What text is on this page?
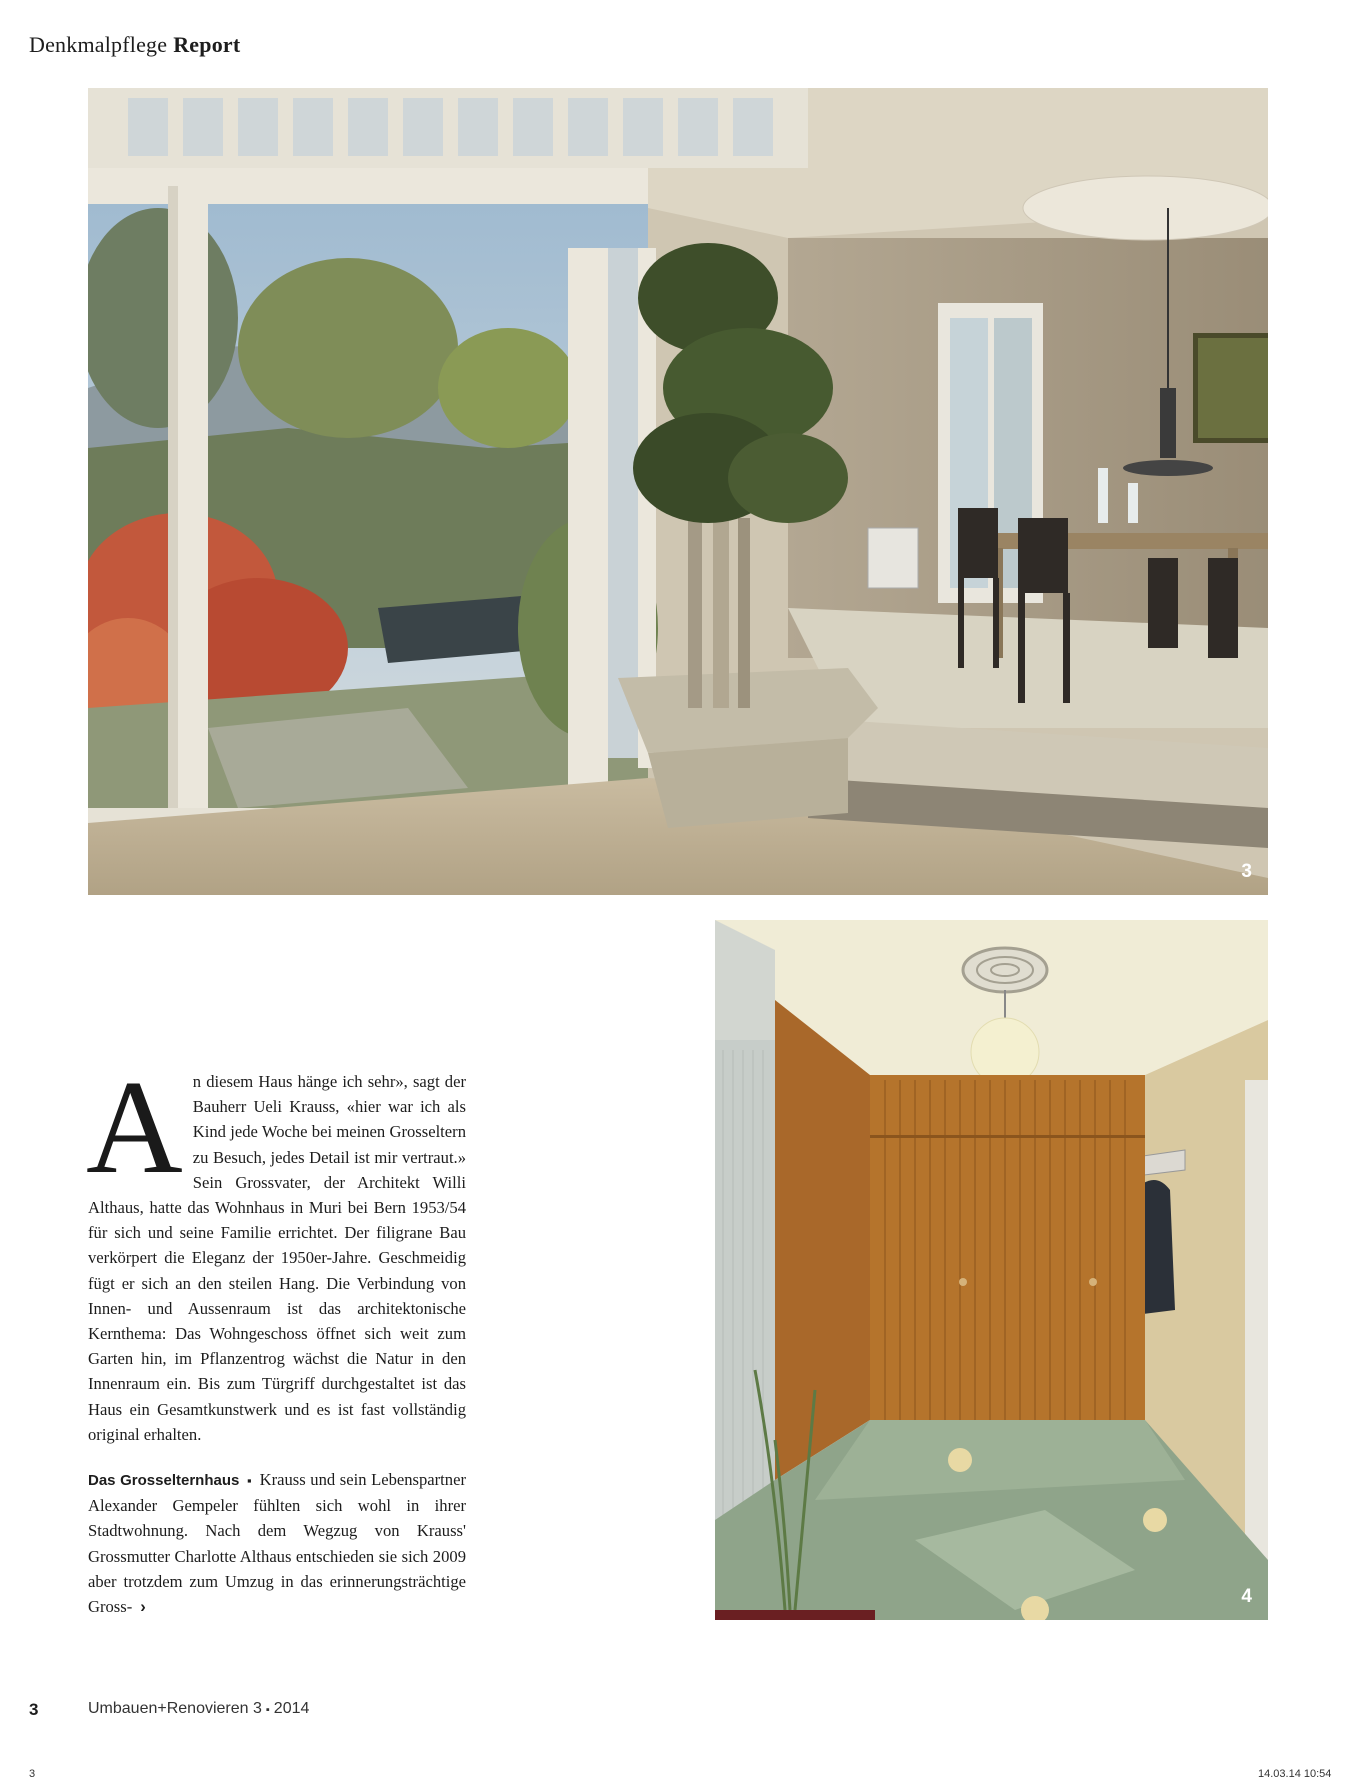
Denkmalpflege Report
3
4
A n diesem Haus hänge ich sehr», sagt der Bauherr Ueli Krauss, «hier war ich als Kind jede Woche bei meinen Grosseltern zu Besuch, jedes Detail ist mir vertraut.» Sein Grossvater, der Architekt Willi Althaus, hatte das Wohnhaus in Muri bei Bern 1953/54 für sich und seine Familie errichtet. Der filigrane Bau verkörpert die Eleganz der 1950er-Jahre. Geschmeidig fügt er sich an den steilen Hang. Die Verbindung von Innen- und Aussenraum ist das architektonische Kernthema: Das Wohngeschoss öffnet sich weit zum Garten hin, im Pflanzentrog wächst die Natur in den Innenraum ein. Bis zum Türgriff durchgestaltet ist das Haus ein Gesamtkunstwerk und es ist fast vollständig original erhalten.

Das Grosselternhaus ▪ Krauss und sein Lebenspartner Alexander Gempeler fühlten sich wohl in ihrer Stadtwohnung. Nach dem Wegzug von Krauss' Grossmutter Charlotte Althaus entschieden sie sich 2009 aber trotzdem zum Umzug in das erinnerungsträchtige Gross- ›

3	Umbauen+Renovieren 3 ▪ 2014
3	14.03.14 10:54
